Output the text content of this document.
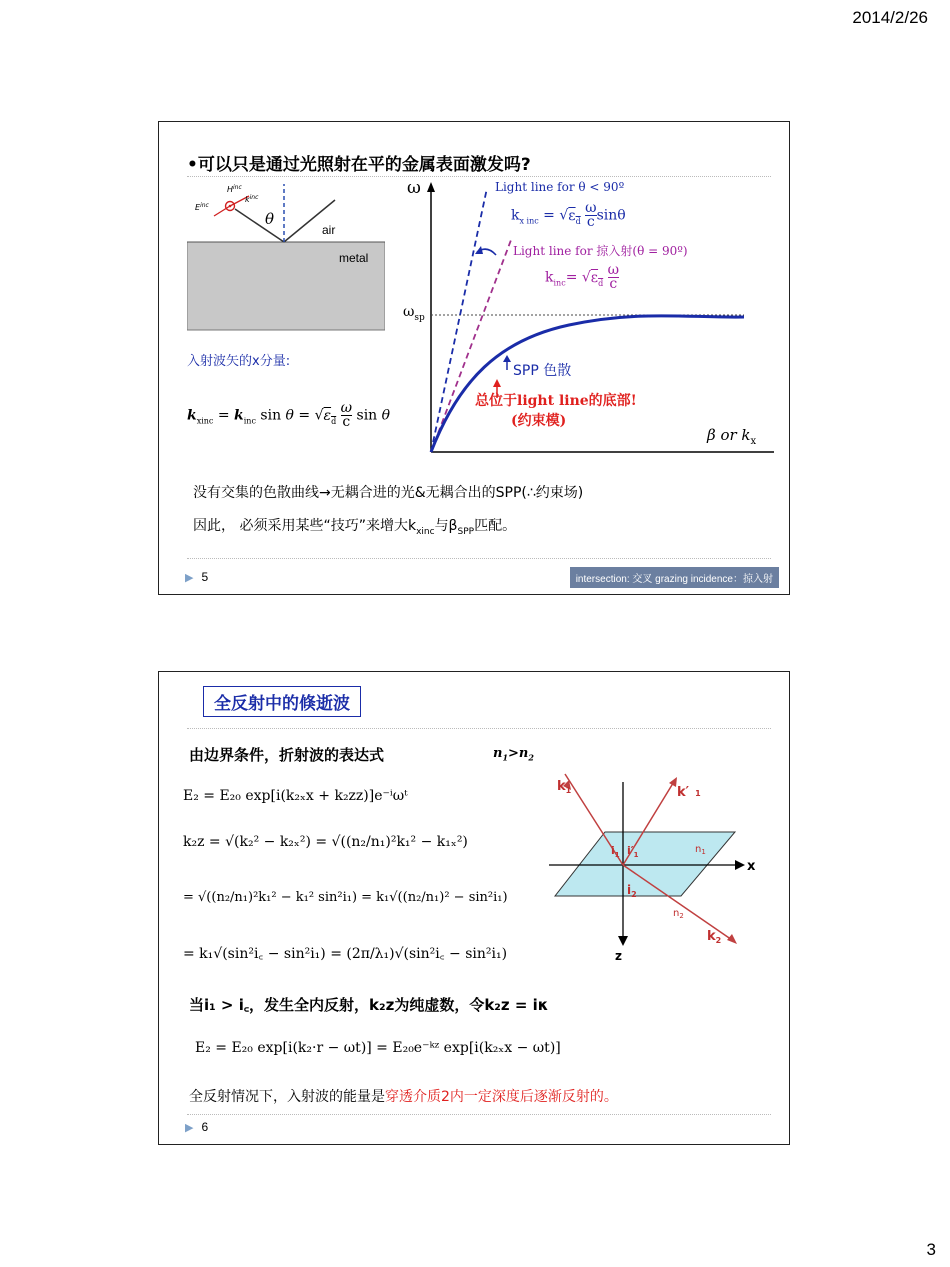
2014/2/26
•可以只是通过光照射在平的金属表面激发吗?
$H^{inc}$
$E^{inc}$
$k^{inc}$
θ
air
metal
入射波矢的x分量:
$k_{xinc} = k_{inc}$ $\sin \theta = √\varepsilon_d \frac{\omega}{c}$ sin θ
ω
$\omega_{sp}$
Light line for θ < 90º
$k_{x inc} = √\varepsilon_d \frac{\omega}{c}$ sinθ
Light line for 掠入射(θ = 90º)
$k_{inc}= √\varepsilon_d \frac{\omega}{c}$
SPP 色散
总位于light line的底部!
(约束模)
β or $k_x$
没有交集的色散曲线→无耦合进的光&无耦合出的SPP(∴约束场)
因此， 必须采用某些“技巧”来增大$k_{xinc}$与$\beta_{SPP}$匹配。
▶ 5	intersection: 交叉 grazing incidence：掠入射
全反射中的倏逝波
由边界条件，折射波的表达式	$n_1>n_2$
E₂ = E₂₀ exp[i(k₂ₓx + k₂zz)]e⁻ⁱωᵗ
k₂z = √(k₂² − k₂ₓ²) = √((n₂/n₁)²k₁² − k₁ₓ²)
= √((n₂/n₁)²k₁² − k₁² sin²i₁) = k₁√((n₂/n₁)² − sin²i₁)
= k₁√(sin²i꜀ − sin²i₁) = (2π/λ₁)√(sin²i꜀ − sin²i₁)
当i₁ > i꜀，发生全内反射，k₂z为纯虚数，令k₂z = iκ
E₂ = E₂₀ exp[i(k₂·r − ωt)] = E₂₀e⁻ᵏᶻ exp[i(k₂ₓx − ωt)]
全反射情况下，入射波的能量是穿透介质2内一定深度后逐渐反射的。
$k_1$	k′ 1
$k_2$
$n_1$
$n_2$
$i_1$ $i'_1$
$i_2$
x
z
▶ 6
3
